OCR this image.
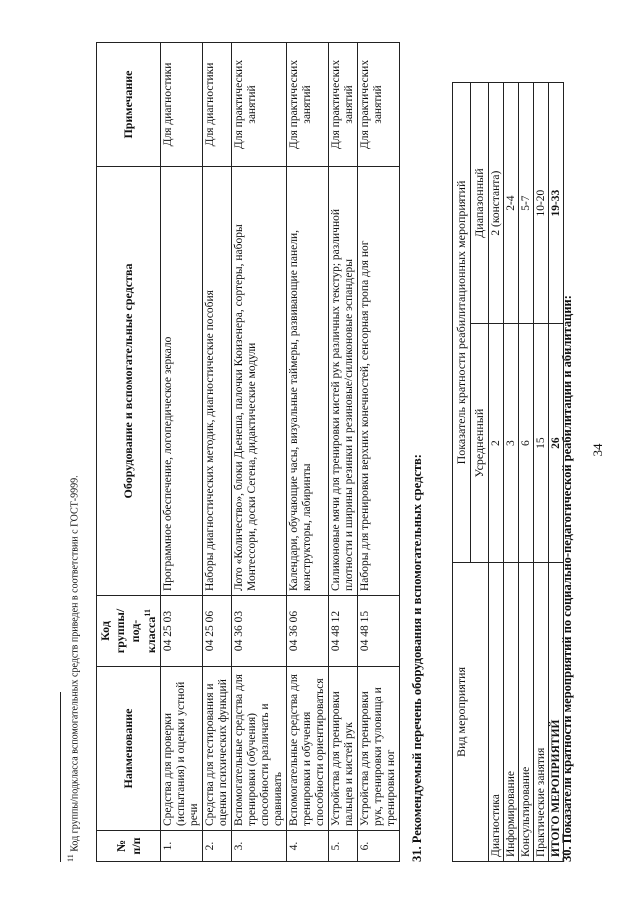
34
30. Показатели кратности мероприятий по социально-педагогической реабилитации и абилитации:
Вид мероприятия	Показатель кратности реабилитационных мероприятий	
	Усредненный	Диапазонный
Диагностика	2	2 (константа)
Информирование	3	2-4
Консультирование	6	5-7
Практические занятия	15	10-20
ИТОГО МЕРОПРИЯТИЙ	26	19-33
31. Рекомендуемый перечень оборудования и вспомогательных средств:
№ п/п	Наименование	Код группы/под-класса$^{11}$	Оборудование и вспомогательные средства	Примечание
1.	Средства для проверки (испытания) и оценки устной речи	04 25 03	Программное обеспечение, логопедическое зеркало	Для диагностики
2.	Средства для тестирования и оценки психических функций	04 25 06	Наборы диагностических методик, диагностические пособия	Для диагностики
3.	Вспомогательные средства для тренировки (обучения) способности различать и сравнивать	04 36 03	Лото «Количество», блоки Дьенеша, палочки Кюизенера, сортеры, наборы Монтессори, доски Сегена, дидактические модули	Для практических занятий
4.	Вспомогательные средства для тренировки и обучения способности ориентироваться	04 36 06	Календари, обучающие часы, визуальные таймеры, развивающие панели, конструкторы, лабиринты	Для практических занятий
5.	Устройства для тренировки пальцев и кистей рук	04 48 12	Силиконовые мячи для тренировки кистей рук различных текстур; различной плотности и ширины резинки и резиновые/силиконовые эспандеры	Для практических занятий
6.	Устройства для тренировки рук, тренировки туловища и тренировки ног	04 48 15	Наборы для тренировки верхних конечностей, сенсорная тропа для ног	Для практических занятий
$^{11}$ Код группы/подкласса вспомогательных средств приведен в соответствии с ГОСТ-9999.
